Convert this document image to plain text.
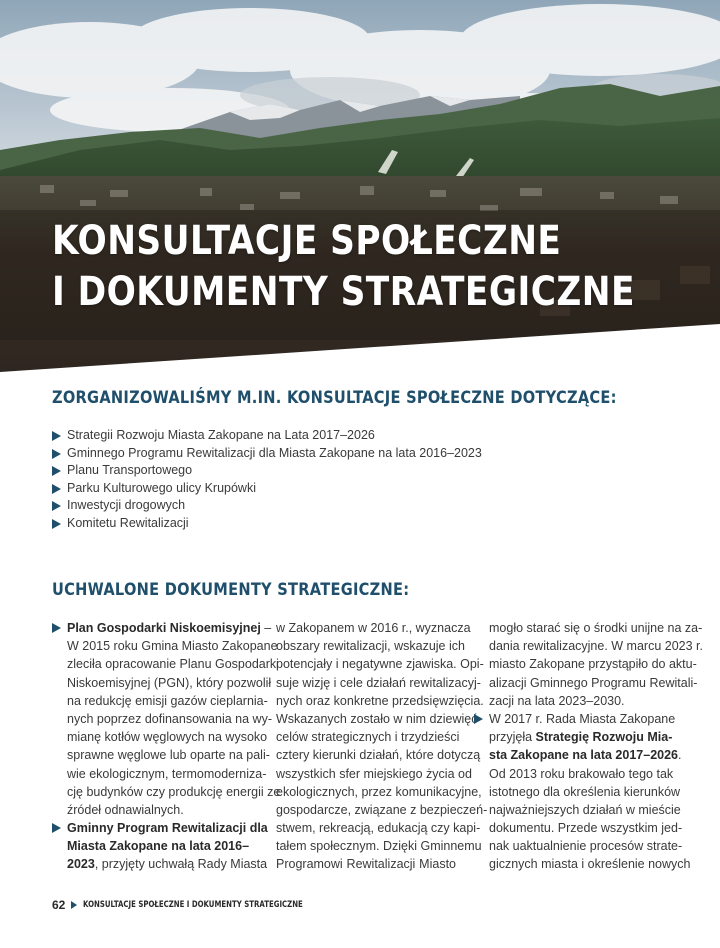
KONSULTACJE SPOŁECZNE
I DOKUMENTY STRATEGICZNE
ZORGANIZOWALIŚMY M.IN. KONSULTACJE SPOŁECZNE DOTYCZĄCE:
Strategii Rozwoju Miasta Zakopane na Lata 2017–2026
Gminnego Programu Rewitalizacji dla Miasta Zakopane na lata 2016–2023
Planu Transportowego
Parku Kulturowego ulicy Krupówki
Inwestycji drogowych
Komitetu Rewitalizacji
UCHWALONE DOKUMENTY STRATEGICZNE:
Plan Gospodarki Niskoemisyjnej –
W 2015 roku Gmina Miasto Zakopane
zleciła opracowanie Planu Gospodarki
Niskoemisyjnej (PGN), który pozwolił
na redukcję emisji gazów cieplarnia-
nych poprzez dofinansowania na wy-
mianę kotłów węglowych na wysoko
sprawne węglowe lub oparte na pali-
wie ekologicznym, termomoderniza-
cję budynków czy produkcję energii ze
źródeł odnawialnych.
Gminny Program Rewitalizacji dla
Miasta Zakopane na lata 2016–
2023, przyjęty uchwałą Rady Miasta
w Zakopanem w 2016 r., wyznacza
obszary rewitalizacji, wskazuje ich
potencjały i negatywne zjawiska. Opi-
suje wizję i cele działań rewitalizacyj-
nych oraz konkretne przedsięwzięcia.
Wskazanych zostało w nim dziewięć
celów strategicznych i trzydzieści
cztery kierunki działań, które dotyczą
wszystkich sfer miejskiego życia od
ekologicznych, przez komunikacyjne,
gospodarcze, związane z bezpieczeń-
stwem, rekreacją, edukacją czy kapi-
tałem społecznym. Dzięki Gminnemu
Programowi Rewitalizacji Miasto
mogło starać się o środki unijne na za-
dania rewitalizacyjne. W marcu 2023 r.
miasto Zakopane przystąpiło do aktu-
alizacji Gminnego Programu Rewitali-
zacji na lata 2023–2030.
W 2017 r. Rada Miasta Zakopane
przyjęła Strategię Rozwoju Mia-
sta Zakopane na lata 2017–2026.
Od 2013 roku brakowało tego tak
istotnego dla określenia kierunków
najważniejszych działań w mieście
dokumentu. Przede wszystkim jed-
nak uaktualnienie procesów strate-
gicznych miasta i określenie nowych
62 KONSULTACJE SPOŁECZNE I DOKUMENTY STRATEGICZNE
